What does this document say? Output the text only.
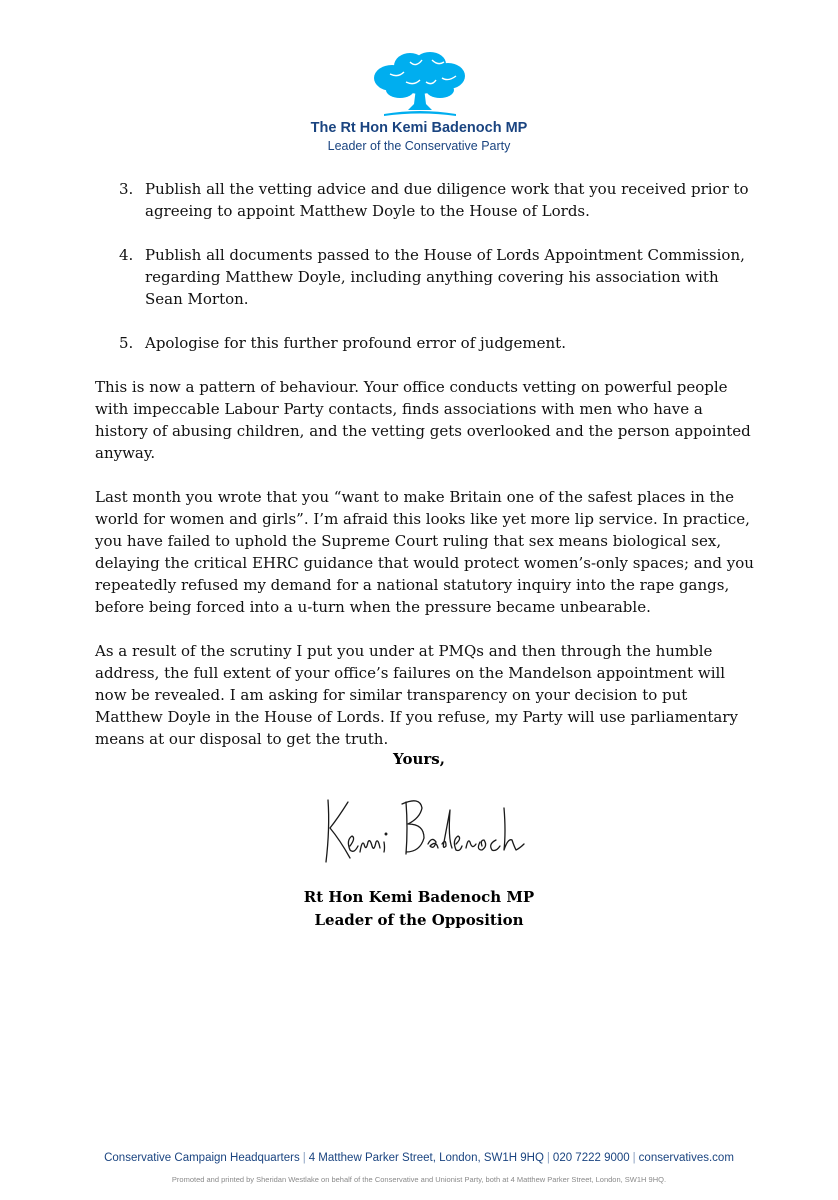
The Rt Hon Kemi Badenoch MP
Leader of the Conservative Party
3. Publish all the vetting advice and due diligence work that you received prior to agreeing to appoint Matthew Doyle to the House of Lords.
4. Publish all documents passed to the House of Lords Appointment Commission, regarding Matthew Doyle, including anything covering his association with Sean Morton.
5. Apologise for this further profound error of judgement.

This is now a pattern of behaviour. Your office conducts vetting on powerful people with impeccable Labour Party contacts, finds associations with men who have a history of abusing children, and the vetting gets overlooked and the person appointed anyway.

Last month you wrote that you “want to make Britain one of the safest places in the world for women and girls”. I’m afraid this looks like yet more lip service. In practice, you have failed to uphold the Supreme Court ruling that sex means biological sex, delaying the critical EHRC guidance that would protect women’s-only spaces; and you repeatedly refused my demand for a national statutory inquiry into the rape gangs, before being forced into a u-turn when the pressure became unbearable.

As a result of the scrutiny I put you under at PMQs and then through the humble address, the full extent of your office’s failures on the Mandelson appointment will now be revealed. I am asking for similar transparency on your decision to put Matthew Doyle in the House of Lords. If you refuse, my Party will use parliamentary means at our disposal to get the truth.

Yours,
Rt Hon Kemi Badenoch MP
Leader of the Opposition
Conservative Campaign Headquarters | 4 Matthew Parker Street, London, SW1H 9HQ | 020 7222 9000 | conservatives.com
Promoted and printed by Sheridan Westlake on behalf of the Conservative and Unionist Party, both at 4 Matthew Parker Street, London, SW1H 9HQ.
